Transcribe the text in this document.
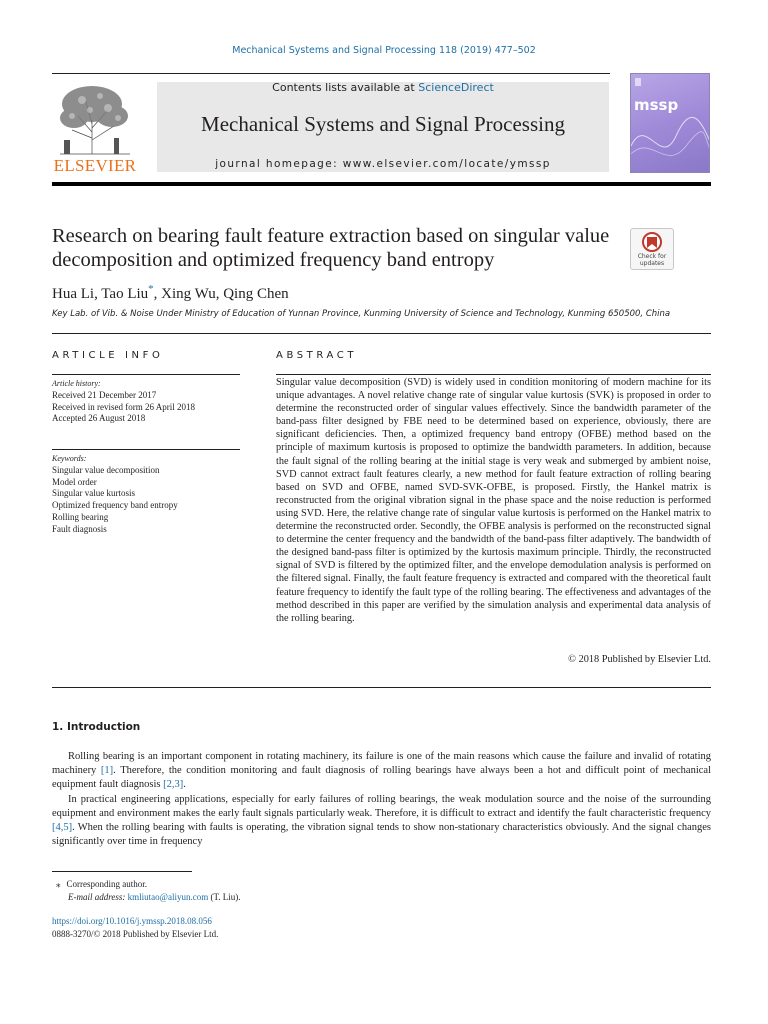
Mechanical Systems and Signal Processing 118 (2019) 477–502
ELSEVIER
Contents lists available at ScienceDirect
Mechanical Systems and Signal Processing
journal homepage: www.elsevier.com/locate/ymssp
mssp
Research on bearing fault feature extraction based on singular value decomposition and optimized frequency band entropy	Check for
updates
Hua Li, Tao Liu*, Xing Wu, Qing Chen
Key Lab. of Vib. & Noise Under Ministry of Education of Yunnan Province, Kunming University of Science and Technology, Kunming 650500, China
ARTICLE INFO	ABSTRACT
Article history:
Received 21 December 2017
Received in revised form 26 April 2018
Accepted 26 August 2018
Keywords:
Singular value decomposition
Model order
Singular value kurtosis
Optimized frequency band entropy
Rolling bearing
Fault diagnosis
Singular value decomposition (SVD) is widely used in condition monitoring of modern machine for its unique advantages. A novel relative change rate of singular value kurtosis (SVK) is proposed in order to determine the reconstructed order of singular values effectively. Since the bandwidth parameter of the band-pass filter designed by FBE need to be determined based on experience, obviously, there are significant deficiencies. Then, a optimized frequency band entropy (OFBE) method based on the principle of maximum kurtosis is proposed to optimize the bandwidth parameters. In addition, because the fault signal of the rolling bearing at the initial stage is very weak and submerged by ambient noise, SVD cannot extract fault features clearly, a new method for fault feature extraction of rolling bearing based on SVD and OFBE, named SVD-SVK-OFBE, is proposed. Firstly, the Hankel matrix is reconstructed from the original vibration signal in the phase space and the noise reduction is performed using SVD. Here, the relative change rate of singular value kurtosis is performed on the Hankel matrix to determine the reconstructed order. Secondly, the OFBE analysis is performed on the reconstructed signal to determine the center frequency and the bandwidth of the band-pass filter adaptively. The bandwidth of the designed band-pass filter is optimized by the kurtosis maximum principle. Thirdly, the reconstructed signal of SVD is filtered by the optimized filter, and the envelope demodulation analysis is performed on the filtered signal. Finally, the fault feature frequency is extracted and compared with the theoretical fault feature frequency to identify the fault type of the rolling bearing. The effectiveness and advantages of the method described in this paper are verified by the simulation analysis and experimental data analysis of the rolling bearing.
© 2018 Published by Elsevier Ltd.
1. Introduction

Rolling bearing is an important component in rotating machinery, its failure is one of the main reasons which cause the failure and invalid of rotating machinery [1]. Therefore, the condition monitoring and fault diagnosis of rolling bearings have always been a hot and difficult point of mechanical equipment fault diagnosis [2,3].

In practical engineering applications, especially for early failures of rolling bearings, the weak modulation source and the noise of the surrounding equipment and environment makes the early fault signals particularly weak. Therefore, it is difficult to extract and identify the fault characteristic frequency [4,5]. When the rolling bearing with faults is operating, the vibration signal tends to show non-stationary characteristics obviously. And the signal changes significantly over time in frequency

⁎ Corresponding author.
E-mail address: kmliutao@aliyun.com (T. Liu).
https://doi.org/10.1016/j.ymssp.2018.08.056
0888-3270/© 2018 Published by Elsevier Ltd.
